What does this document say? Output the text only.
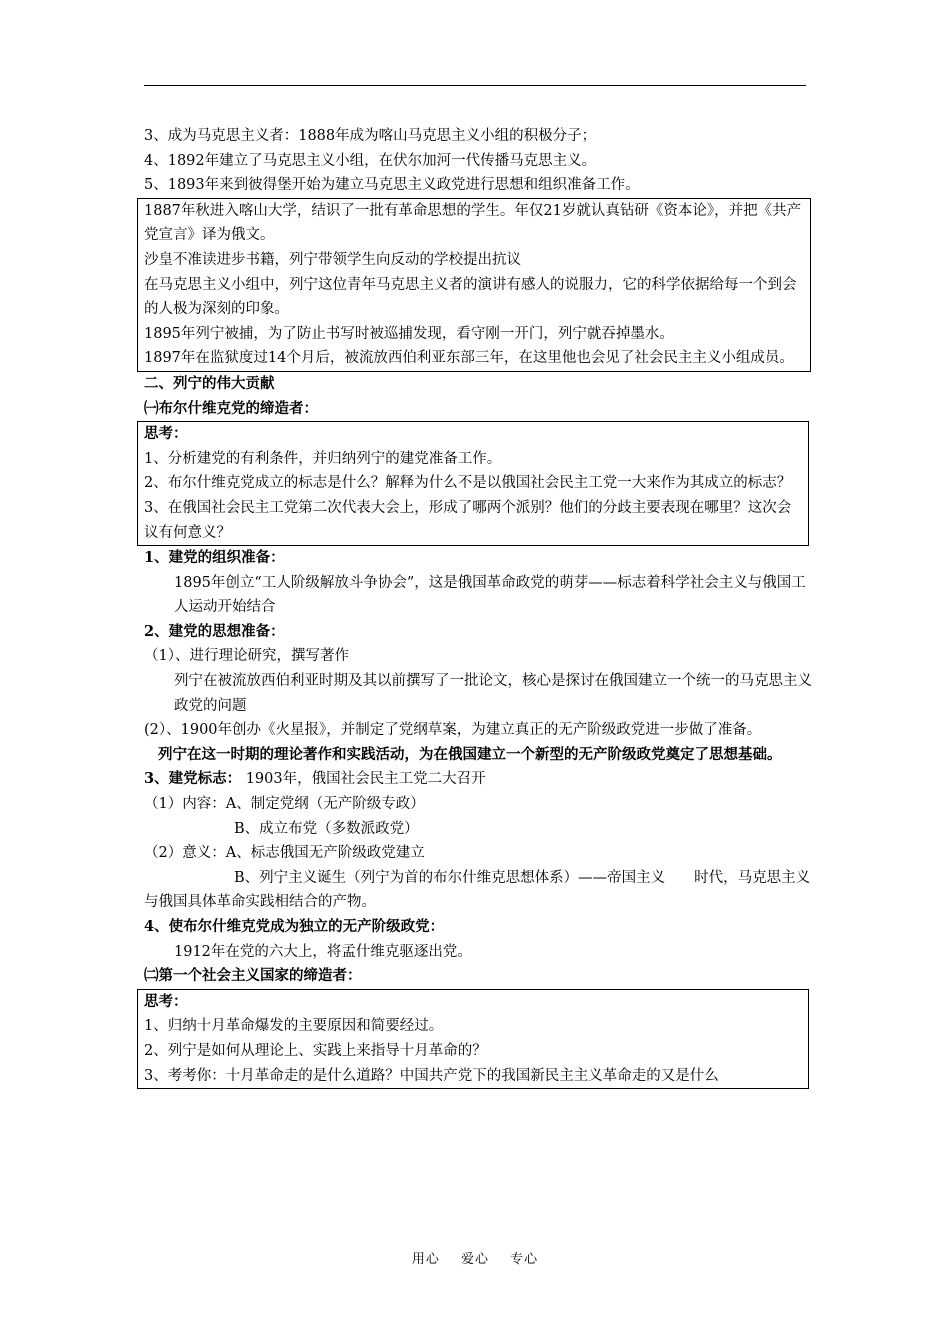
3、成为马克思主义者：1888年成为喀山马克思主义小组的积极分子；
4、1892年建立了马克思主义小组，在伏尔加河一代传播马克思主义。
5、1893年来到彼得堡开始为建立马克思主义政党进行思想和组织准备工作。
1887年秋进入喀山大学，结识了一批有革命思想的学生。年仅21岁就认真钻研《资本论》，并把《共产党宣言》译为俄文。
沙皇不准读进步书籍，列宁带领学生向反动的学校提出抗议
在马克思主义小组中，列宁这位青年马克思主义者的演讲有感人的说服力，它的科学依据给每一个到会的人极为深刻的印象。
1895年列宁被捕，为了防止书写时被巡捕发现，看守刚一开门，列宁就吞掉墨水。
1897年在监狱度过14个月后，被流放西伯利亚东部三年，在这里他也会见了社会民主主义小组成员。
二、列宁的伟大贡献
㈠布尔什维克党的缔造者：
思考：
1、分析建党的有利条件，并归纳列宁的建党准备工作。
2、布尔什维克党成立的标志是什么？解释为什么不是以俄国社会民主工党一大来作为其成立的标志？
3、在俄国社会民主工党第二次代表大会上，形成了哪两个派别？他们的分歧主要表现在哪里？这次会议有何意义？
1、建党的组织准备：
1895年创立“工人阶级解放斗争协会”，这是俄国革命政党的萌芽——标志着科学社会主义与俄国工人运动开始结合
2、建党的思想准备：
（1）、进行理论研究，撰写著作
列宁在被流放西伯利亚时期及其以前撰写了一批论文，核心是探讨在俄国建立一个统一的马克思主义政党的问题
(2）、1900年创办《火星报》，并制定了党纲草案，为建立真正的无产阶级政党进一步做了准备。
列宁在这一时期的理论著作和实践活动，为在俄国建立一个新型的无产阶级政党奠定了思想基础。
3、建党标志： 1903年，俄国社会民主工党二大召开
（1）内容：A、制定党纲（无产阶级专政）
B、成立布党（多数派政党）
（2）意义：A、标志俄国无产阶级政党建立
B、列宁主义诞生（列宁为首的布尔什维克思想体系）——帝国主义　　时代，马克思主义与俄国具体革命实践相结合的产物。
4、使布尔什维克党成为独立的无产阶级政党：
1912年在党的六大上，将孟什维克驱逐出党。
㈡第一个社会主义国家的缔造者：
思考：
1、归纳十月革命爆发的主要原因和简要经过。
2、列宁是如何从理论上、实践上来指导十月革命的？
3、考考你：十月革命走的是什么道路？中国共产党下的我国新民主主义革命走的又是什么
用心 爱心 专心
